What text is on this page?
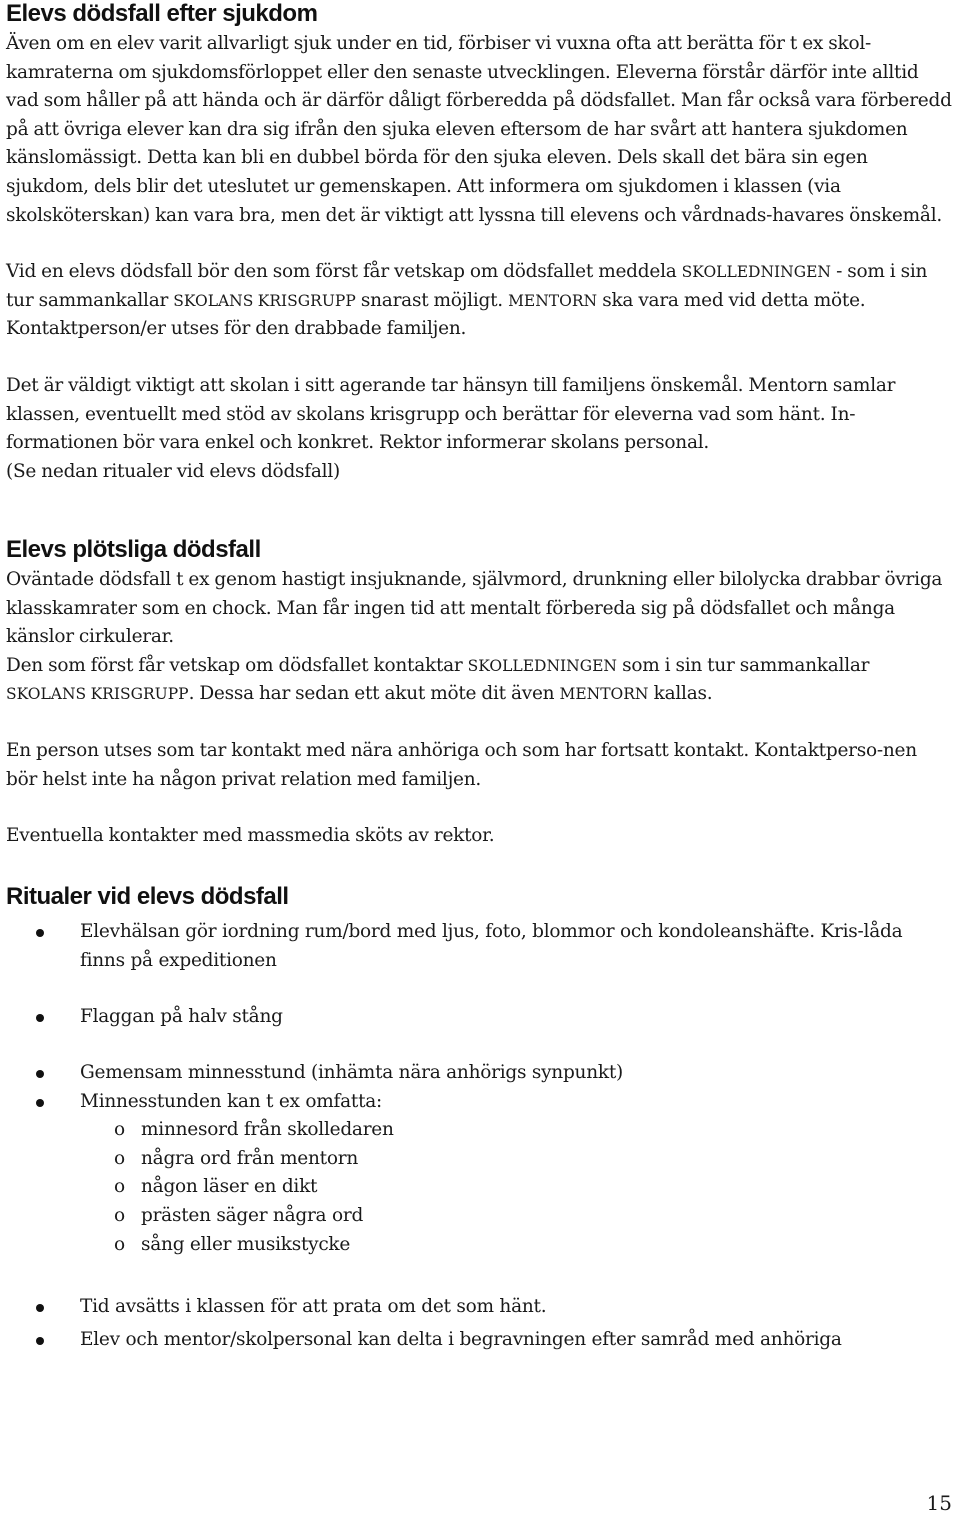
Elevs dödsfall efter sjukdom

Även om en elev varit allvarligt sjuk under en tid, förbiser vi vuxna ofta att berätta för t ex skol-kamraterna om sjukdomsförloppet eller den senaste utvecklingen. Eleverna förstår därför inte alltid vad som håller på att hända och är därför dåligt förberedda på dödsfallet. Man får också vara förberedd på att övriga elever kan dra sig ifrån den sjuka eleven eftersom de har svårt att hantera sjukdomen känslomässigt. Detta kan bli en dubbel börda för den sjuka eleven. Dels skall det bära sin egen sjukdom, dels blir det uteslutet ur gemenskapen. Att informera om sjukdomen i klassen (via skolsköterskan) kan vara bra, men det är viktigt att lyssna till elevens och vårdnads-havares önskemål.

Vid en elevs dödsfall bör den som först får vetskap om dödsfallet meddela SKOLLEDNINGEN - som i sin tur sammankallar SKOLANS KRISGRUPP snarast möjligt. MENTORN ska vara med vid detta möte. Kontaktperson/er utses för den drabbade familjen.

Det är väldigt viktigt att skolan i sitt agerande tar hänsyn till familjens önskemål. Mentorn samlar klassen, eventuellt med stöd av skolans krisgrupp och berättar för eleverna vad som hänt. In-formationen bör vara enkel och konkret. Rektor informerar skolans personal.

(Se nedan ritualer vid elevs dödsfall)

Elevs plötsliga dödsfall

Oväntade dödsfall t ex genom hastigt insjuknande, självmord, drunkning eller bilolycka drabbar övriga klasskamrater som en chock. Man får ingen tid att mentalt förbereda sig på dödsfallet och många känslor cirkulerar.

Den som först får vetskap om dödsfallet kontaktar SKOLLEDNINGEN som i sin tur sammankallar SKOLANS KRISGRUPP. Dessa har sedan ett akut möte dit även MENTORN kallas.

En person utses som tar kontakt med nära anhöriga och som har fortsatt kontakt. Kontaktperso-nen bör helst inte ha någon privat relation med familjen.

Eventuella kontakter med massmedia sköts av rektor.

Ritualer vid elevs dödsfall
Elevhälsan gör iordning rum/bord med ljus, foto, blommor och kondoleanshäfte. Kris-låda finns på expeditionen
Flaggan på halv stång
Gemensam minnesstund (inhämta nära anhörigs synpunkt)
Minnesstunden kan t ex omfatta:
o minnesord från skolledaren
o några ord från mentorn
o någon läser en dikt
o prästen säger några ord
o sång eller musikstycke
Tid avsätts i klassen för att prata om det som hänt.
Elev och mentor/skolpersonal kan delta i begravningen efter samråd med anhöriga
15
